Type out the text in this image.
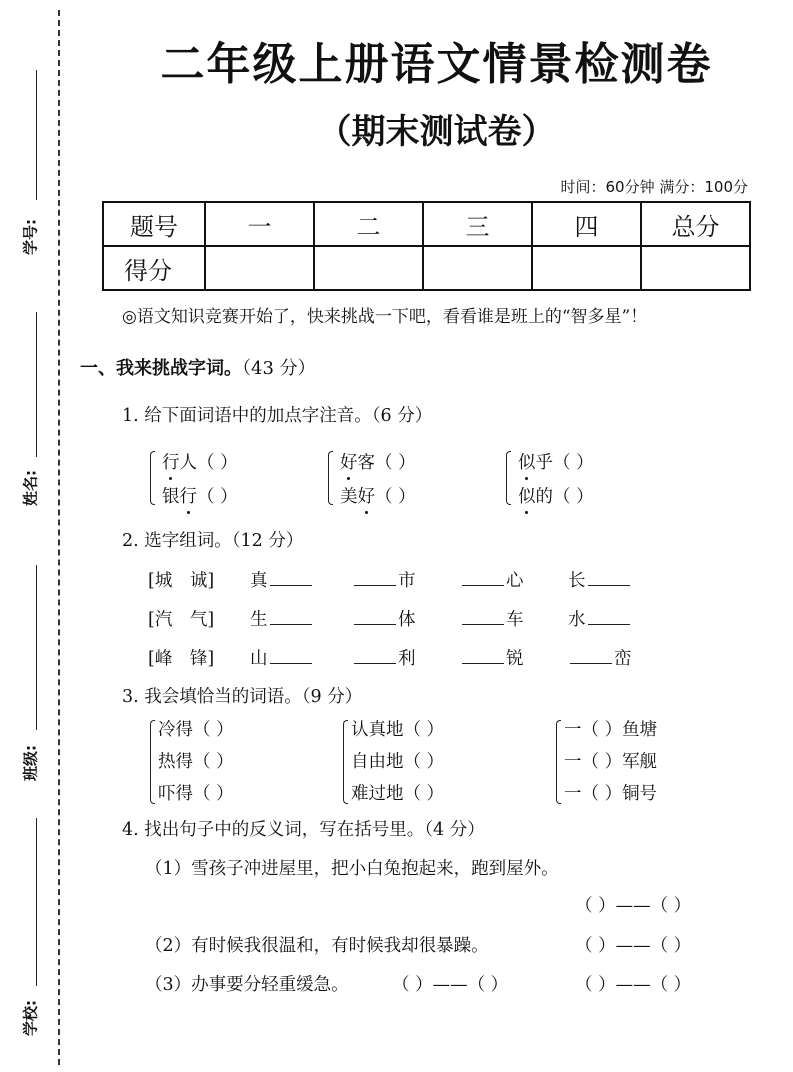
学号:
姓名:
班级:
学校:
二年级上册语文情景检测卷
（期末测试卷）
时间：60分钟 满分：100分
题号	一	二	三	四	总分
得分					
◎语文知识竞赛开始了，快来挑战一下吧，看看谁是班上的“智多星”！
一、我来挑战字词。（43 分）
1. 给下面词语中的加点字注音。（6 分）
行人（ ）
银行（ ）
好客（ ）
美好（ ）
似乎（ ）
似的（ ）
2. 选字组词。（12 分）
[城　诚] 真	市	心	长
[汽　气] 生	体	车	水
[峰　锋] 山	利	锐	峦
3. 我会填恰当的词语。（9 分）
冷得（ ）
热得（ ）
吓得（ ）
认真地（ ）
自由地（ ）
难过地（ ）
一（ ）鱼塘
一（ ）军舰
一（ ）铜号
4. 找出句子中的反义词，写在括号里。（4 分）
（1）雪孩子冲进屋里，把小白兔抱起来，跑到屋外。
（ ）——（ ）
（2）有时候我很温和，有时候我却很暴躁。	（ ）——（ ）
（3）办事要分轻重缓急。 （ ）——（ ）	（ ）——（ ）
